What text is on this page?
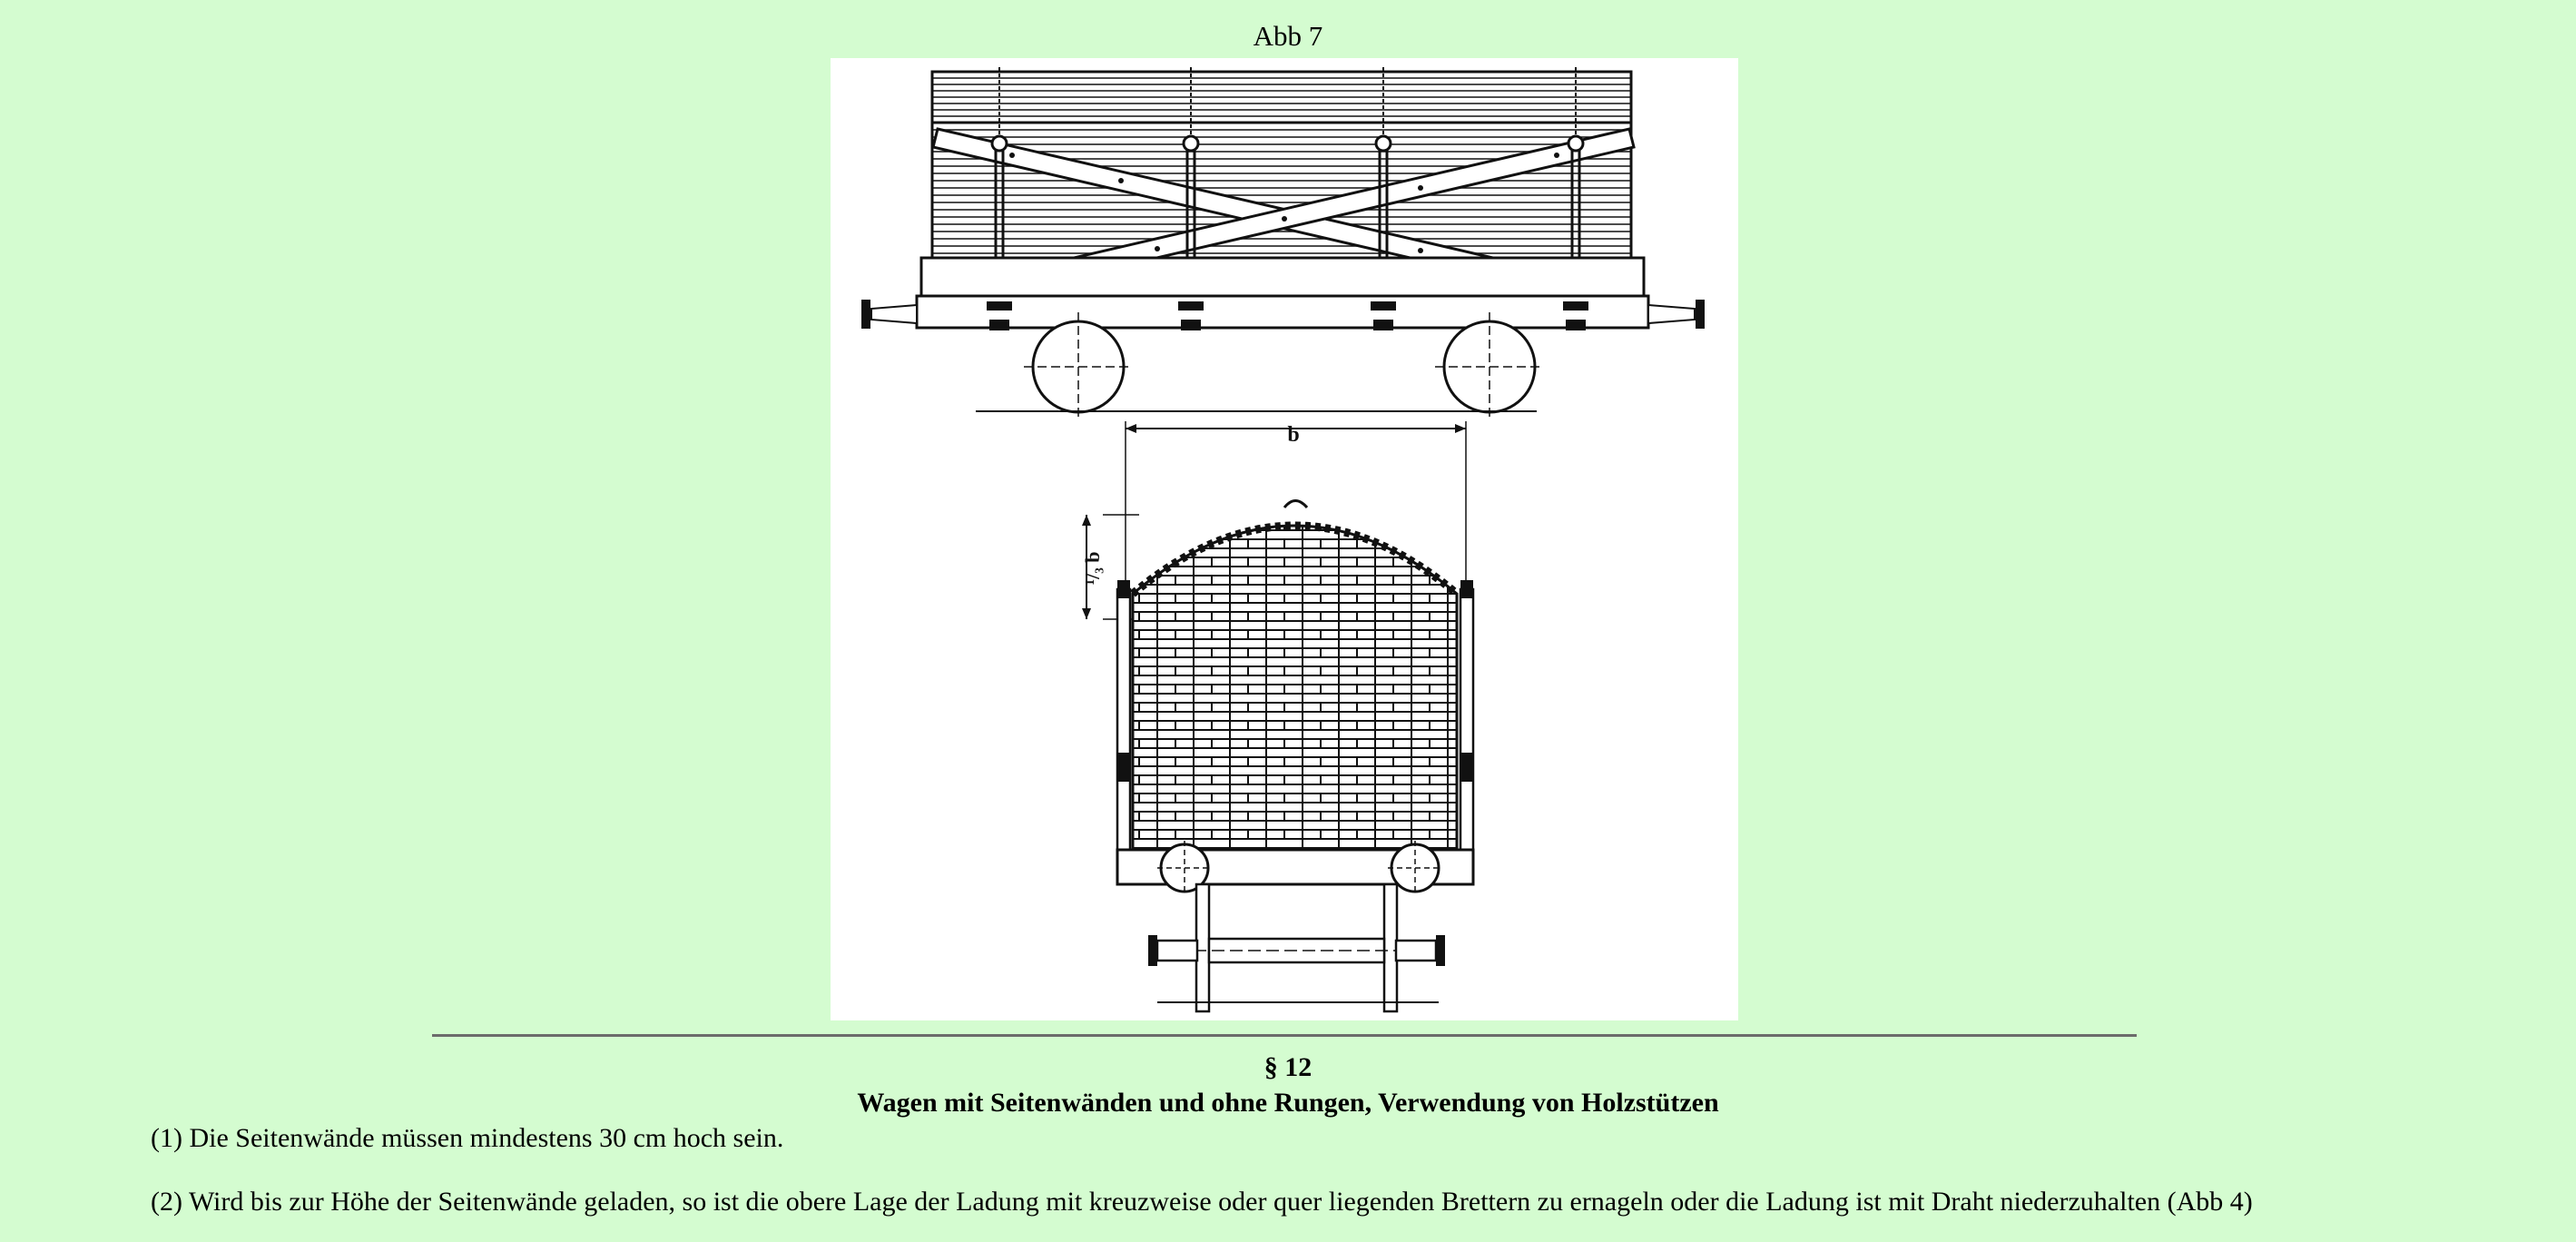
Abb 7
b
¹/₃ b
§ 12
Wagen mit Seitenwänden und ohne Rungen, Verwendung von Holzstützen
(1) Die Seitenwände müssen mindestens 30 cm hoch sein.
(2) Wird bis zur Höhe der Seitenwände geladen, so ist die obere Lage der Ladung mit kreuzweise oder quer liegenden Brettern zu ernageln oder die Ladung ist mit Draht niederzuhalten (Abb 4)
